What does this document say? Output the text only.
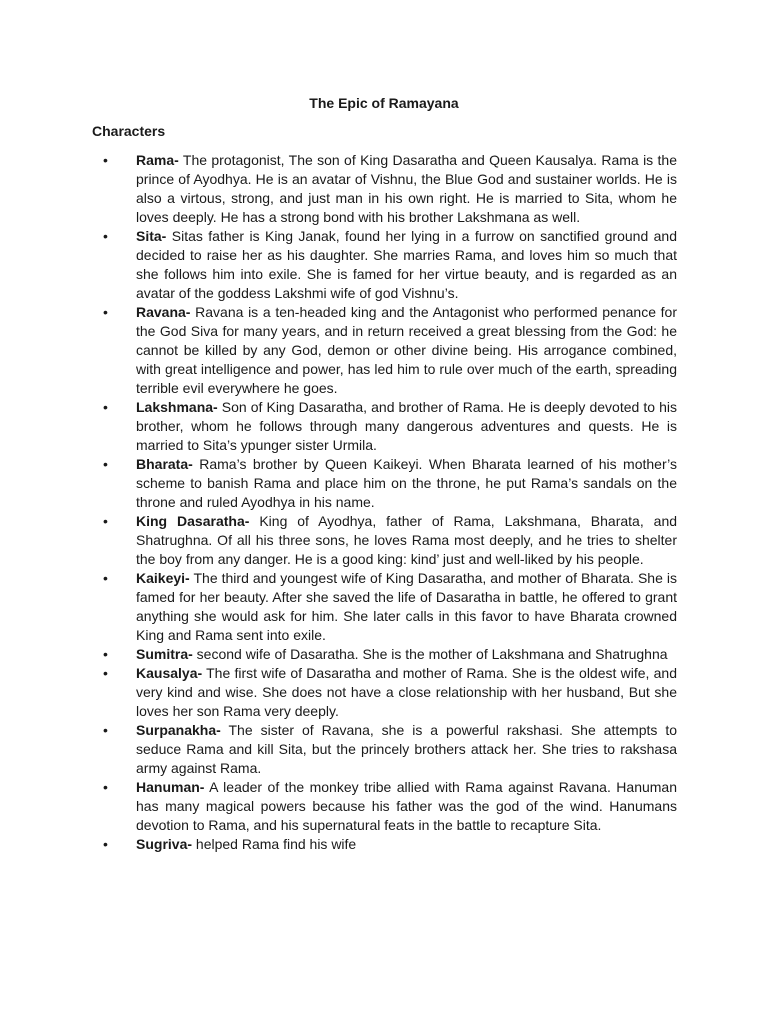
The Epic of Ramayana
Characters
• Rama- The protagonist, The son of King Dasaratha and Queen Kausalya. Rama is the prince of Ayodhya. He is an avatar of Vishnu, the Blue God and sustainer worlds. He is also a virtous, strong, and just man in his own right. He is married to Sita, whom he loves deeply. He has a strong bond with his brother Lakshmana as well.
• Sita- Sitas father is King Janak, found her lying in a furrow on sanctified ground and decided to raise her as his daughter. She marries Rama, and loves him so much that she follows him into exile. She is famed for her virtue beauty, and is regarded as an avatar of the goddess Lakshmi wife of god Vishnu’s.
• Ravana- Ravana is a ten-headed king and the Antagonist who performed penance for the God Siva for many years, and in return received a great blessing from the God: he cannot be killed by any God, demon or other divine being. His arrogance combined, with great intelligence and power, has led him to rule over much of the earth, spreading terrible evil everywhere he goes.
• Lakshmana- Son of King Dasaratha, and brother of Rama. He is deeply devoted to his brother, whom he follows through many dangerous adventures and quests. He is married to Sita’s ypunger sister Urmila.
• Bharata- Rama’s brother by Queen Kaikeyi. When Bharata learned of his mother’s scheme to banish Rama and place him on the throne, he put Rama’s sandals on the throne and ruled Ayodhya in his name.
• King Dasaratha- King of Ayodhya, father of Rama, Lakshmana, Bharata, and Shatrughna. Of all his three sons, he loves Rama most deeply, and he tries to shelter the boy from any danger. He is a good king: kind’ just and well-liked by his people.
• Kaikeyi- The third and youngest wife of King Dasaratha, and mother of Bharata. She is famed for her beauty. After she saved the life of Dasaratha in battle, he offered to grant anything she would ask for him. She later calls in this favor to have Bharata crowned King and Rama sent into exile.
• Sumitra- second wife of Dasaratha. She is the mother of Lakshmana and Shatrughna
• Kausalya- The first wife of Dasaratha and mother of Rama. She is the oldest wife, and very kind and wise. She does not have a close relationship with her husband, But she loves her son Rama very deeply.
• Surpanakha- The sister of Ravana, she is a powerful rakshasi. She attempts to seduce Rama and kill Sita, but the princely brothers attack her. She tries to rakshasa army against Rama.
• Hanuman- A leader of the monkey tribe allied with Rama against Ravana. Hanuman has many magical powers because his father was the god of the wind. Hanumans devotion to Rama, and his supernatural feats in the battle to recapture Sita.
• Sugriva- helped Rama find his wife
